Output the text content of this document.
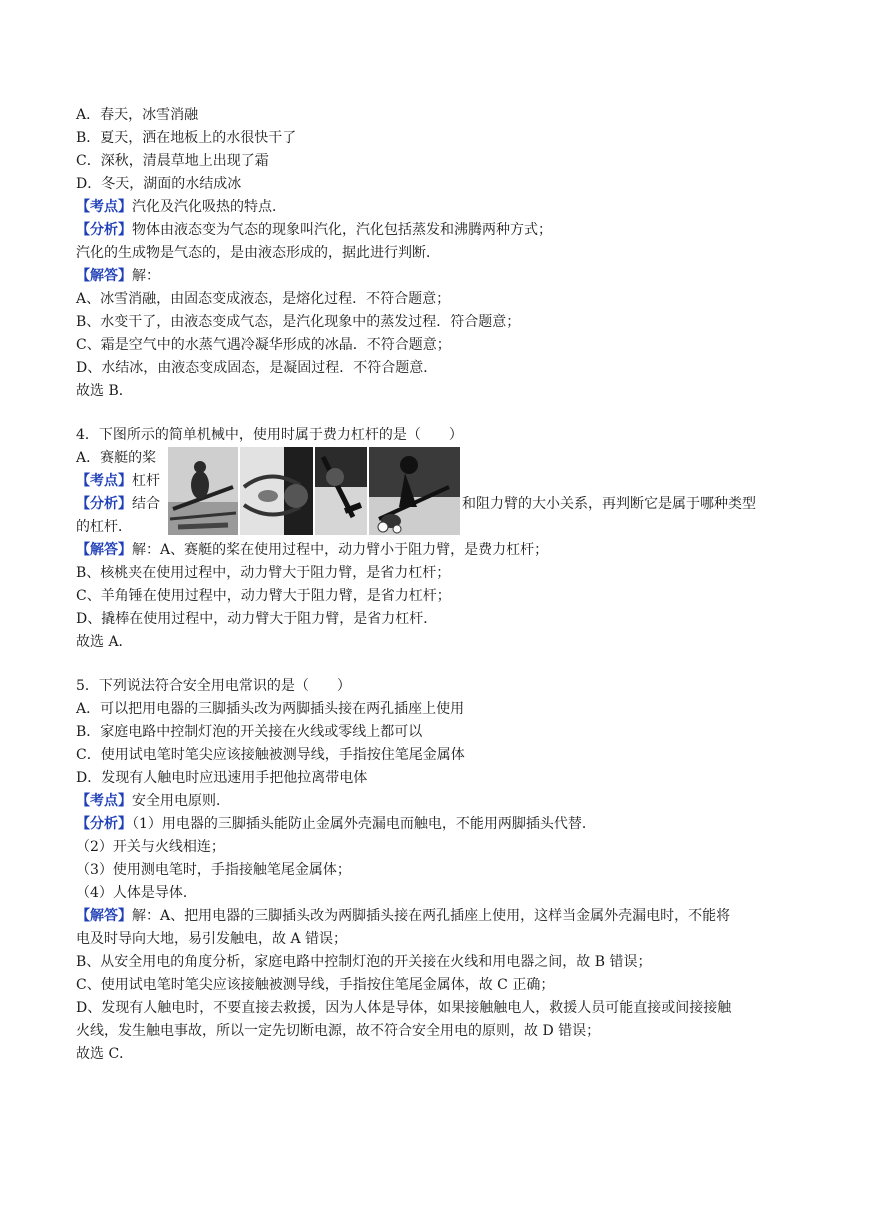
A．春天，冰雪消融
B．夏天，洒在地板上的水很快干了
C．深秋，清晨草地上出现了霜
D．冬天，湖面的水结成冰
【考点】汽化及汽化吸热的特点．
【分析】物体由液态变为气态的现象叫汽化，汽化包括蒸发和沸腾两种方式；
汽化的生成物是气态的，是由液态形成的，据此进行判断．
【解答】解：
A、冰雪消融，由固态变成液态，是熔化过程．不符合题意；
B、水变干了，由液态变成气态，是汽化现象中的蒸发过程．符合题意；
C、霜是空气中的水蒸气遇冷凝华形成的冰晶．不符合题意；
D、水结冰，由液态变成固态，是凝固过程．不符合题意．
故选 B．
4．下图所示的简单机械中，使用时属于费力杠杆的是（　　）
A．赛艇的桨
【考点】杠杆
【分析】结合	和阻力臂的大小关系，再判断它是属于哪种类型
的杠杆．
【解答】解：A、赛艇的桨在使用过程中，动力臂小于阻力臂，是费力杠杆；
B、核桃夹在使用过程中，动力臂大于阻力臂，是省力杠杆；
C、羊角锤在使用过程中，动力臂大于阻力臂，是省力杠杆；
D、撬棒在使用过程中，动力臂大于阻力臂，是省力杠杆．
故选 A．
5．下列说法符合安全用电常识的是（　　）
A．可以把用电器的三脚插头改为两脚插头接在两孔插座上使用
B．家庭电路中控制灯泡的开关接在火线或零线上都可以
C．使用试电笔时笔尖应该接触被测导线，手指按住笔尾金属体
D．发现有人触电时应迅速用手把他拉离带电体
【考点】安全用电原则．
【分析】（1）用电器的三脚插头能防止金属外壳漏电而触电，不能用两脚插头代替．
（2）开关与火线相连；
（3）使用测电笔时，手指接触笔尾金属体；
（4）人体是导体．
【解答】解：A、把用电器的三脚插头改为两脚插头接在两孔插座上使用，这样当金属外壳漏电时，不能将
电及时导向大地，易引发触电，故 A 错误；
B、从安全用电的角度分析，家庭电路中控制灯泡的开关接在火线和用电器之间，故 B 错误；
C、使用试电笔时笔尖应该接触被测导线，手指按住笔尾金属体，故 C 正确；
D、发现有人触电时，不要直接去救援，因为人体是导体，如果接触触电人，救援人员可能直接或间接接触
火线，发生触电事故，所以一定先切断电源，故不符合安全用电的原则，故 D 错误；
故选 C．
